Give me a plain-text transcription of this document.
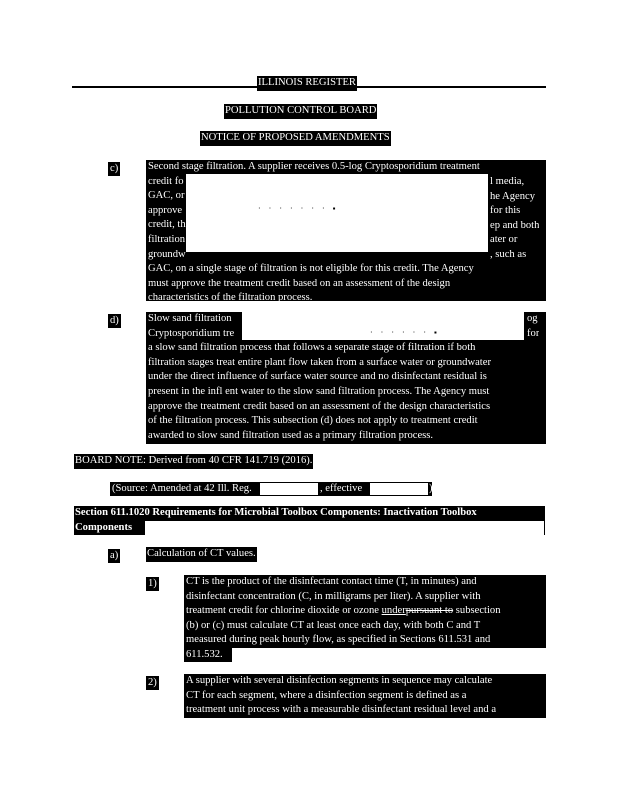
ILLINOIS REGISTER
POLLUTION CONTROL BOARD
NOTICE OF PROPOSED AMENDMENTS
c)	Second stage filtration. A supplier receives 0.5-log Cryptosporidium treatment
credit fo
GAC, or
approve
credit, th
filtration
groundw
GAC, on a single stage of filtration is not eligible for this credit. The Agency
must approve the treatment credit based on an assessment of the design
characteristics of the filtration process.
· · · · · · · ▪
l media,
he Agency
for this
ep and both
ater or
, such as
d)	Slow sand filtration
Cryptosporidium tre
a slow sand filtration process that follows a separate stage of filtration if both
filtration stages treat entire plant flow taken from a surface water or groundwater
under the direct influence of surface water source and no disinfectant residual is
present in the infl ent water to the slow sand filtration process. The Agency must
approve the treatment credit based on an assessment of the design characteristics
of the filtration process. This subsection (d) does not apply to treatment credit
awarded to slow sand filtration used as a primary filtration process.
· · · · · · ▪
og
for
BOARD NOTE: Derived from 40 CFR 141.719 (2016).
(Source: Amended at 42 Ill. Reg.	, effective	)
Section 611.1020 Requirements for Microbial Toolbox Components: Inactivation Toolbox
Components
a)	Calculation of CT values.
1)	CT is the product of the disinfectant contact time (T, in minutes) and
disinfectant concentration (C, in milligrams per liter). A supplier with
treatment credit for chlorine dioxide or ozone underpursuant to subsection
(b) or (c) must calculate CT at least once each day, with both C and T
measured during peak hourly flow, as specified in Sections 611.531 and
611.532.
2)	A supplier with several disinfection segments in sequence may calculate
CT for each segment, where a disinfection segment is defined as a
treatment unit process with a measurable disinfectant residual level and a
